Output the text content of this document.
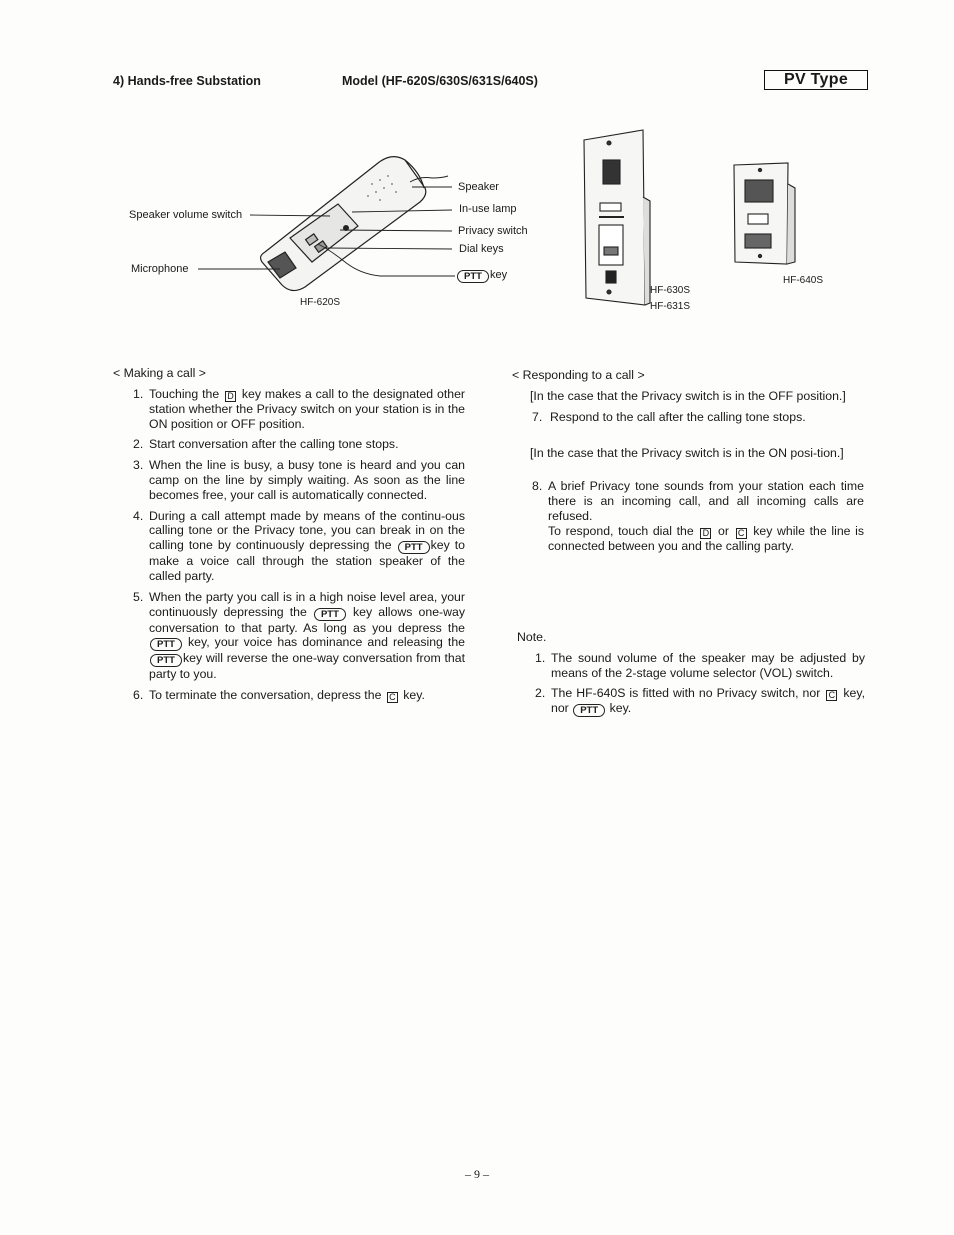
4) Hands-free Substation	Model (HF-620S/630S/631S/640S)	PV Type
Speaker volume switch
Microphone
Speaker
In-use lamp
Privacy switch
Dial keys
PTT key
HF-620S
HF-630S
HF-631S
HF-640S
< Making a call >
1. Touching the D key makes a call to the designated other station whether the Privacy switch on your station is in the ON position or OFF position.
2. Start conversation after the calling tone stops.
3. When the line is busy, a busy tone is heard and you can camp on the line by simply waiting. As soon as the line becomes free, your call is automatically connected.
4. During a call attempt made by means of the continu-ous calling tone or the Privacy tone, you can break in on the calling tone by continuously depressing the PTT key to make a voice call through the station speaker of the called party.
5. When the party you call is in a high noise level area, your continuously depressing the PTT key allows one-way conversation to that party. As long as you depress the PTT key, your voice has dominance and releasing the PTT key will reverse the one-way conversation from that party to you.
6. To terminate the conversation, depress the C key.
< Responding to a call >
[In the case that the Privacy switch is in the OFF position.]
7. Respond to the call after the calling tone stops.
[In the case that the Privacy switch is in the ON posi-tion.]
8. A brief Privacy tone sounds from your station each time there is an incoming call, and all incoming calls are refused.
To respond, touch dial the D or C key while the line is connected between you and the calling party.
Note.
1. The sound volume of the speaker may be adjusted by means of the 2-stage volume selector (VOL) switch.
2. The HF-640S is fitted with no Privacy switch, nor C key, nor PTT key.
– 9 –
